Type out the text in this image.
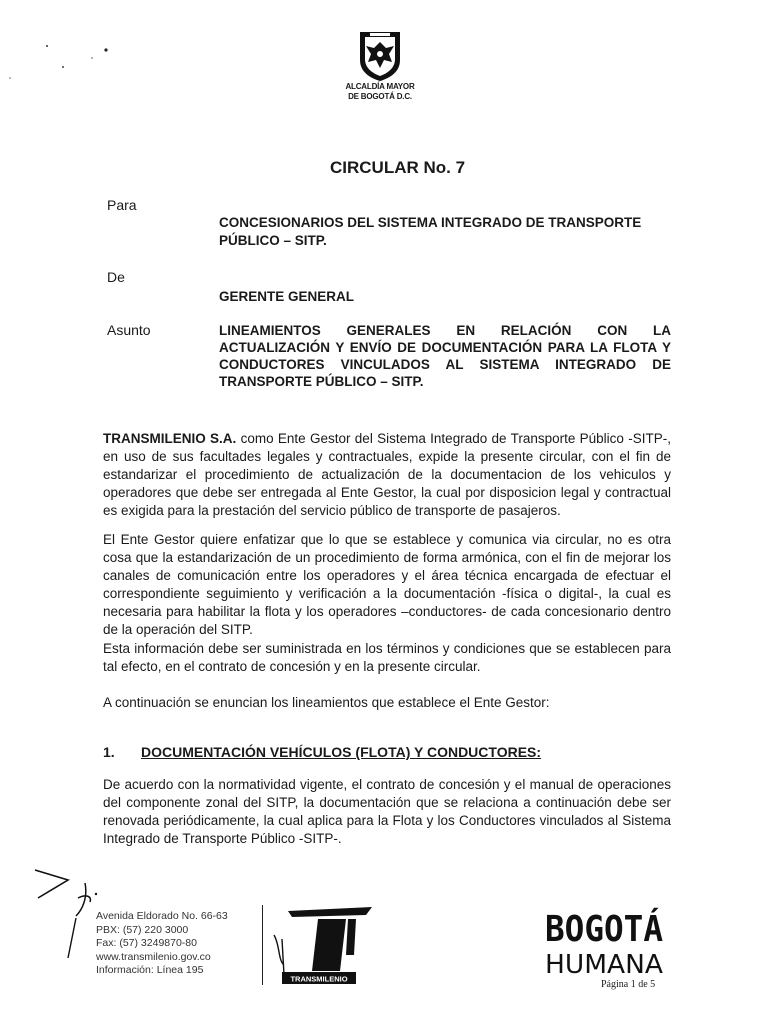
ALCALDÍA MAYOR
DE BOGOTÁ D.C.
CIRCULAR No. 7
Para
CONCESIONARIOS DEL SISTEMA INTEGRADO DE TRANSPORTE
PÚBLICO – SITP.
De
GERENTE GENERAL
Asunto	LINEAMIENTOS GENERALES EN RELACIÓN CON LA ACTUALIZACIÓN Y ENVÍO DE DOCUMENTACIÓN PARA LA FLOTA Y CONDUCTORES VINCULADOS AL SISTEMA INTEGRADO DE TRANSPORTE PÚBLICO – SITP.
TRANSMILENIO S.A. como Ente Gestor del Sistema Integrado de Transporte Público -SITP-, en uso de sus facultades legales y contractuales, expide la presente circular, con el fin de estandarizar el procedimiento de actualización de la documentacion de los vehiculos y operadores que debe ser entregada al Ente Gestor, la cual por disposicion legal y contractual es exigida para la prestación del servicio público de transporte de pasajeros.
El Ente Gestor quiere enfatizar que lo que se establece y comunica via circular, no es otra cosa que la estandarización de un procedimiento de forma armónica, con el fin de mejorar los canales de comunicación entre los operadores y el área técnica encargada de efectuar el correspondiente seguimiento y verificación a la documentación -física o digital-, la cual es necesaria para habilitar la flota y los operadores –conductores- de cada concesionario dentro de la operación del SITP.
Esta información debe ser suministrada en los términos y condiciones que se establecen para tal efecto, en el contrato de concesión y en la presente circular.
A continuación se enuncian los lineamientos que establece el Ente Gestor:
1. DOCUMENTACIÓN VEHÍCULOS (FLOTA) Y CONDUCTORES:
De acuerdo con la normatividad vigente, el contrato de concesión y el manual de operaciones del componente zonal del SITP, la documentación que se relaciona a continuación debe ser renovada periódicamente, la cual aplica para la Flota y los Conductores vinculados al Sistema Integrado de Transporte Público -SITP-.
Avenida Eldorado No. 66-63
PBX: (57) 220 3000
Fax: (57) 3249870-80
www.transmilenio.gov.co
Información: Línea 195
TRANSMILENIO
BOGOTÁ
HUMANA
Página 1 de 5
